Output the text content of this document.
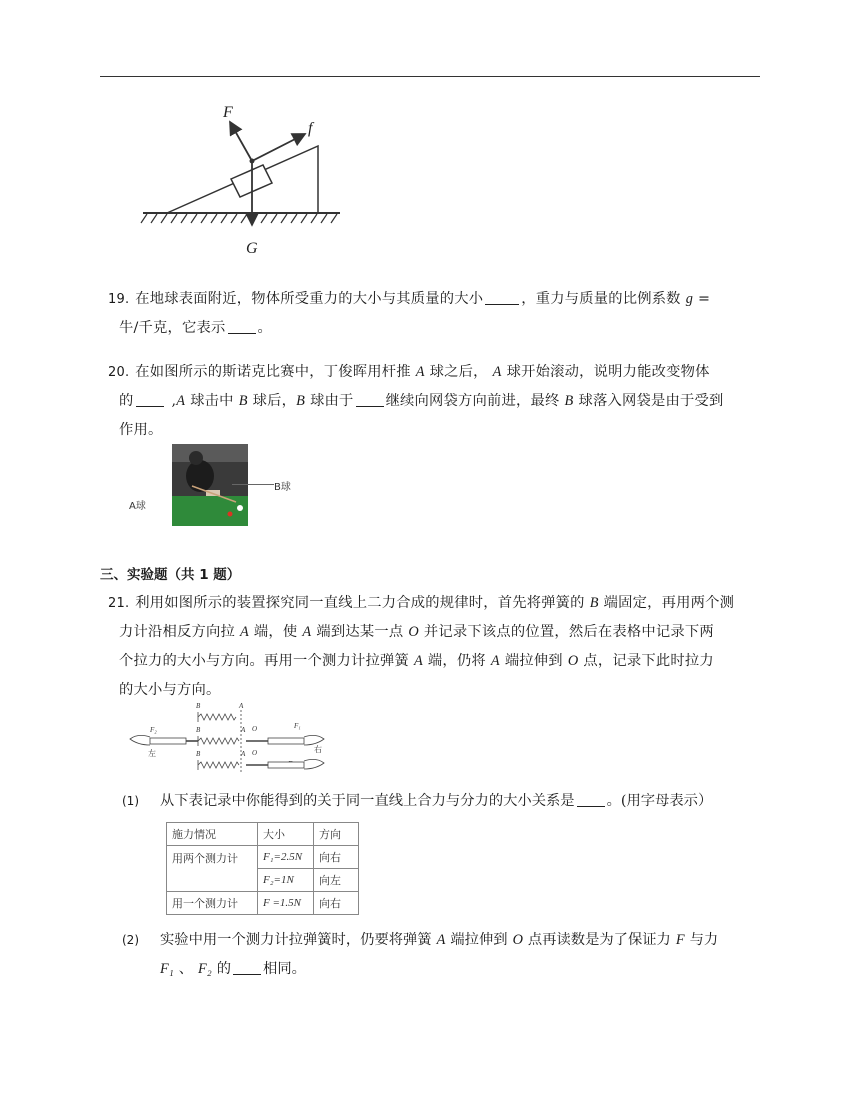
F
f
G
19. 在地球表面附近，物体所受重力的大小与其质量的大小	，重力与质量的比例系数 g =
牛/千克，它表示 。
20. 在如图所示的斯诺克比赛中，丁俊晖用杆推 A 球之后， A 球开始滚动，说明力能改变物体
的	,A 球击中 B 球后，B 球由于 继续向网袋方向前进，最终 B 球落入网袋是由于受到
作用。
A球
B球
三、实验题（共 1 题）
21. 利用如图所示的装置探究同一直线上二力合成的规律时，首先将弹簧的 B 端固定，再用两个测
力计沿相反方向拉 A 端，使 A 端到达某一点 O 并记录下该点的位置，然后在表格中记录下两
个拉力的大小与方向。再用一个测力计拉弹簧 A 端，仍将 A 端拉伸到 O 点，记录下此时拉力
的大小与方向。
B	A
B	A O
B	A O
F₂	F₁
左	右
(1) 从下表记录中你能得到的关于同一直线上合力与分力的大小关系是 。(用字母表示）
施力情况	大小	方向
用两个测力计	F₁=2.5N	向右
	F₂=1N	向左
用一个测力计	F =1.5N	向右
(2) 实验中用一个测力计拉弹簧时，仍要将弹簧 A 端拉伸到 O 点再读数是为了保证力 F 与力
F₁ 、 F₂ 的 相同。
